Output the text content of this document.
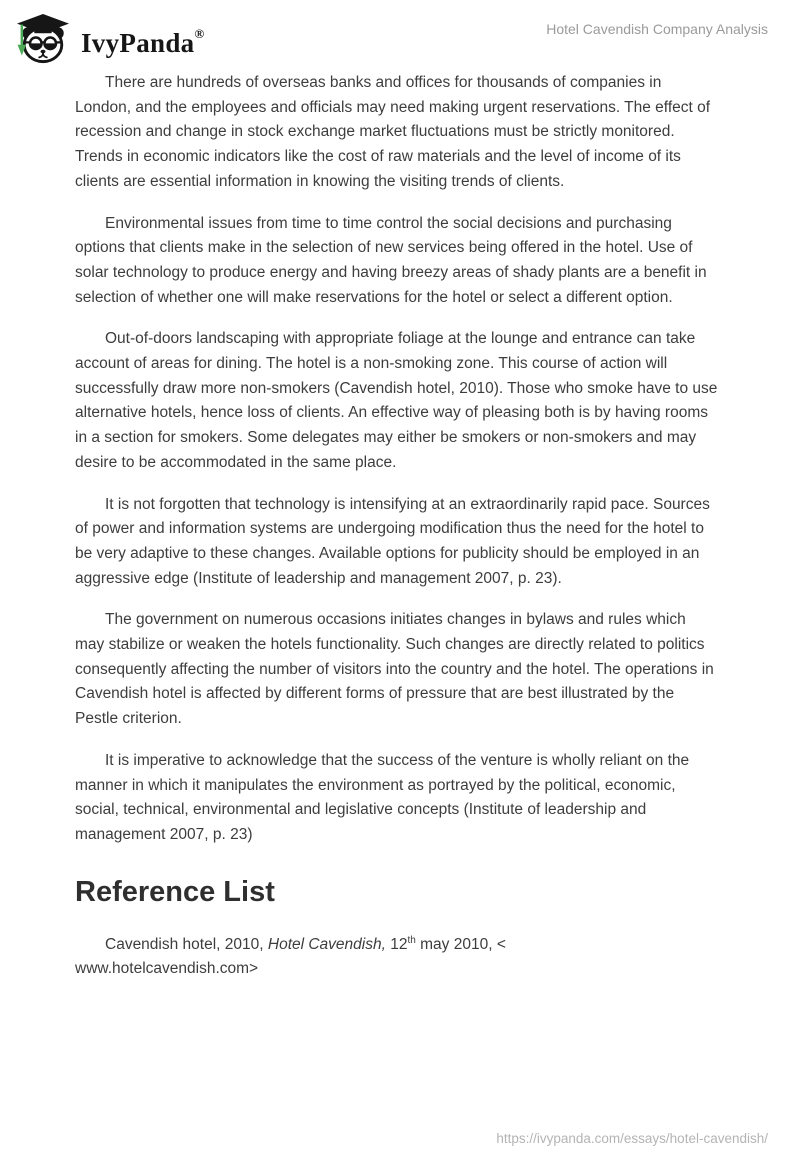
IvyPanda®	Hotel Cavendish Company Analysis

There are hundreds of overseas banks and offices for thousands of companies in London, and the employees and officials may need making urgent reservations. The effect of recession and change in stock exchange market fluctuations must be strictly monitored. Trends in economic indicators like the cost of raw materials and the level of income of its clients are essential information in knowing the visiting trends of clients.

Environmental issues from time to time control the social decisions and purchasing options that clients make in the selection of new services being offered in the hotel. Use of solar technology to produce energy and having breezy areas of shady plants are a benefit in selection of whether one will make reservations for the hotel or select a different option.

Out-of-doors landscaping with appropriate foliage at the lounge and entrance can take account of areas for dining. The hotel is a non-smoking zone. This course of action will successfully draw more non-smokers (Cavendish hotel, 2010). Those who smoke have to use alternative hotels, hence loss of clients. An effective way of pleasing both is by having rooms in a section for smokers. Some delegates may either be smokers or non-smokers and may desire to be accommodated in the same place.

It is not forgotten that technology is intensifying at an extraordinarily rapid pace. Sources of power and information systems are undergoing modification thus the need for the hotel to be very adaptive to these changes. Available options for publicity should be employed in an aggressive edge (Institute of leadership and management 2007, p. 23).

The government on numerous occasions initiates changes in bylaws and rules which may stabilize or weaken the hotels functionality. Such changes are directly related to politics consequently affecting the number of visitors into the country and the hotel. The operations in Cavendish hotel is affected by different forms of pressure that are best illustrated by the Pestle criterion.

It is imperative to acknowledge that the success of the venture is wholly reliant on the manner in which it manipulates the environment as portrayed by the political, economic, social, technical, environmental and legislative concepts (Institute of leadership and management 2007, p. 23)

Reference List

Cavendish hotel, 2010, Hotel Cavendish, 12th may 2010, <
www.hotelcavendish.com>

https://ivypanda.com/essays/hotel-cavendish/
